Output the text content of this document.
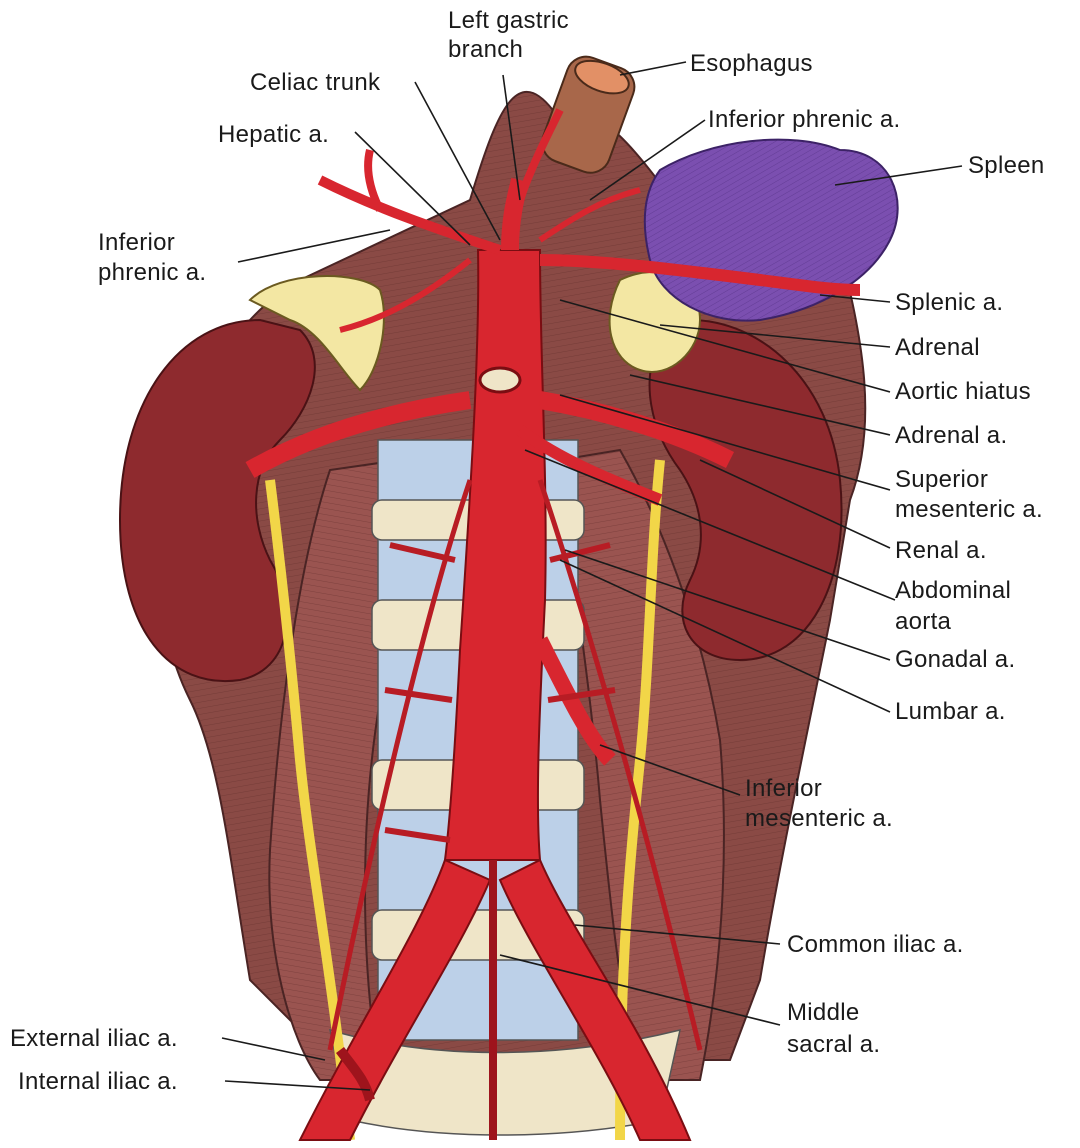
Left gastric branch
Esophagus
Celiac trunk
Inferior phrenic a.
Hepatic a.
Spleen
Inferior phrenic a.
Splenic a.
Adrenal
Aortic hiatus
Adrenal a.
Superior mesenteric a.
Renal a.
Abdominal aorta
Gonadal a.
Lumbar a.
Inferior mesenteric a.
Common iliac a.
Middle sacral a.
External iliac a.
Internal iliac a.
